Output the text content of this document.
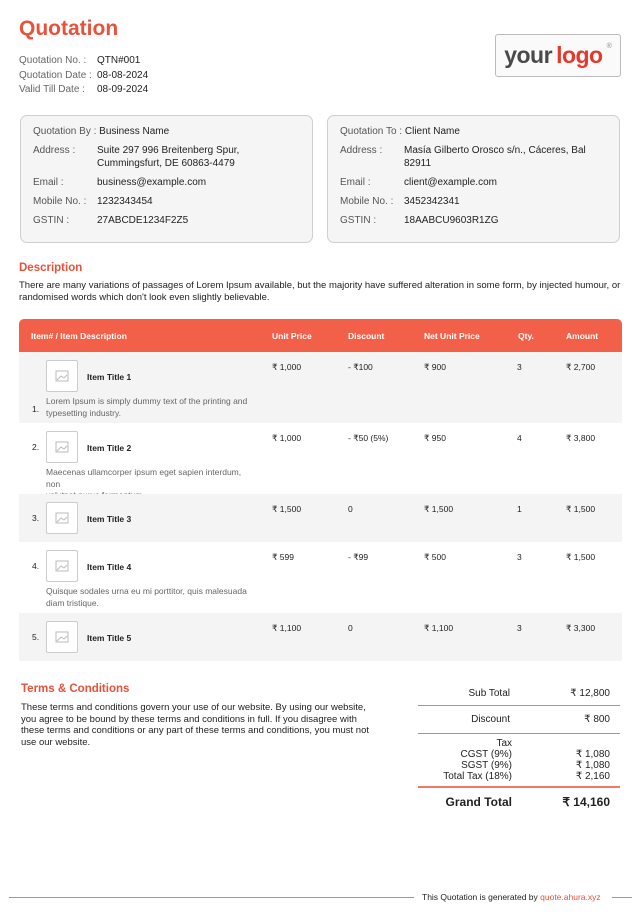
Quotation
Quotation No. :	QTN#001
Quotation Date : 08-08-2024
Valid Till Date :	08-09-2024
your logo ®
Quotation By :
Business Name
Address :	Suite 297 996 Breitenberg Spur,
Cummingsfurt, DE 60863-4479
Email :	business@example.com
Mobile No. :	1232343454
GSTIN :	27ABCDE1234F2Z5
Quotation To :
Client Name
Address :	Masía Gilberto Orosco s/n., Cáceres, Bal
82911
Email :	client@example.com
Mobile No. :	3452342341
GSTIN :	18AABCU9603R1ZG
Description
There are many variations of passages of Lorem Ipsum available, but the majority have suffered alteration in some form, by injected humour, or randomised words which don't look even slightly believable.
Item# / Item Description	Unit Price	Discount	Net Unit Price	Qty.	Amount
1.
Item Title 1
Lorem Ipsum is simply dummy text of the printing and
typesetting industry.
₹ 1,000	- ₹100	₹ 900	3	₹ 2,700
2.	Item Title 2
Maecenas ullamcorper ipsum eget sapien interdum, non

₹ 1,000	- ₹50 (5%)	₹ 950	4	₹ 3,800
3.	Item Title 3
₹ 1,500	0	₹ 1,500	1	₹ 1,500
4.	Item Title 4
Quisque sodales urna eu mi porttitor, quis malesuada
diam tristique.
₹ 599	- ₹99	₹ 500	3	₹ 1,500
5.	Item Title 5
₹ 1,100	0	₹ 1,100	3	₹ 3,300
Terms & Conditions
These terms and conditions govern your use of our website. By using our website, you agree to be bound by these terms and conditions in full. If you disagree with these terms and conditions or any part of these terms and conditions, you must not use our website.
Sub Total	₹ 12,800
Discount	₹ 800
Tax
CGST (9%)	₹ 1,080
SGST (9%)	₹ 1,080
Total Tax (18%)	₹ 2,160
Grand Total	₹ 14,160
This Quotation is generated by quote.ahura.xyz
